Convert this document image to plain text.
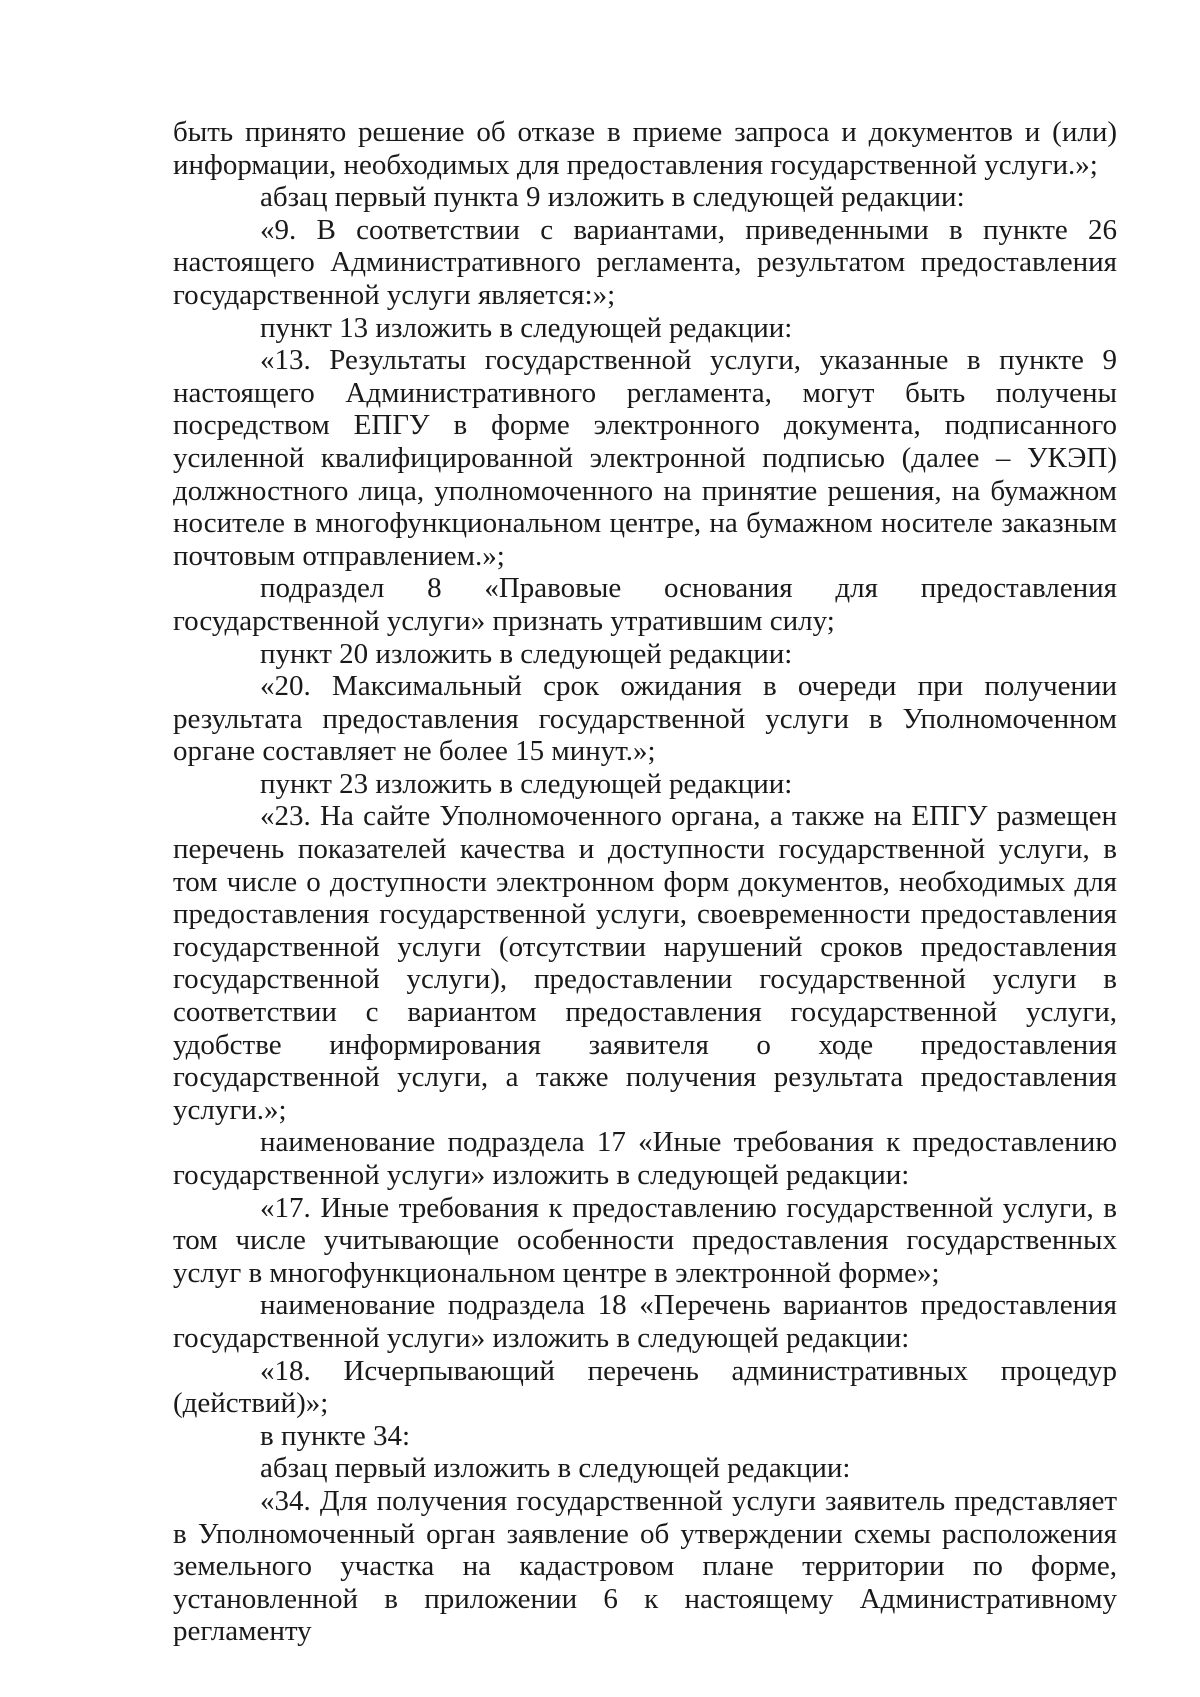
быть принято решение об отказе в приеме запроса и документов и (или) информации, необходимых для предоставления государственной услуги.»;

абзац первый пункта 9 изложить в следующей редакции:

«9. В соответствии с вариантами, приведенными в пункте 26 настоящего Административного регламента, результатом предоставления государственной услуги является:»;

пункт 13 изложить в следующей редакции:

«13. Результаты государственной услуги, указанные в пункте 9 настоящего Административного регламента, могут быть получены посредством ЕПГУ в форме электронного документа, подписанного усиленной квалифицированной электронной подписью (далее – УКЭП) должностного лица, уполномоченного на принятие решения, на бумажном носителе в многофункциональном центре, на бумажном носителе заказным почтовым отправлением.»;

подраздел 8 «Правовые основания для предоставления государственной услуги» признать утратившим силу;

пункт 20 изложить в следующей редакции:

«20. Максимальный срок ожидания в очереди при получении результата предоставления государственной услуги в Уполномоченном органе составляет не более 15 минут.»;

пункт 23 изложить в следующей редакции:

«23. На сайте Уполномоченного органа, а также на ЕПГУ размещен перечень показателей качества и доступности государственной услуги, в том числе о доступности электронном форм документов, необходимых для предоставления государственной услуги, своевременности предоставления государственной услуги (отсутствии нарушений сроков предоставления государственной услуги), предоставлении государственной услуги в соответствии с вариантом предоставления государственной услуги, удобстве информирования заявителя о ходе предоставления государственной услуги, а также получения результата предоставления услуги.»;

наименование подраздела 17 «Иные требования к предоставлению государственной услуги» изложить в следующей редакции:

«17. Иные требования к предоставлению государственной услуги, в том числе учитывающие особенности предоставления государственных услуг в многофункциональном центре в электронной форме»;

наименование подраздела 18 «Перечень вариантов предоставления государственной услуги» изложить в следующей редакции:

«18. Исчерпывающий перечень административных процедур (действий)»;

в пункте 34:

абзац первый изложить в следующей редакции:

«34. Для получения государственной услуги заявитель представляет в Уполномоченный орган заявление об утверждении схемы расположения земельного участка на кадастровом плане территории по форме, установленной в приложении 6 к настоящему Административному регламенту
